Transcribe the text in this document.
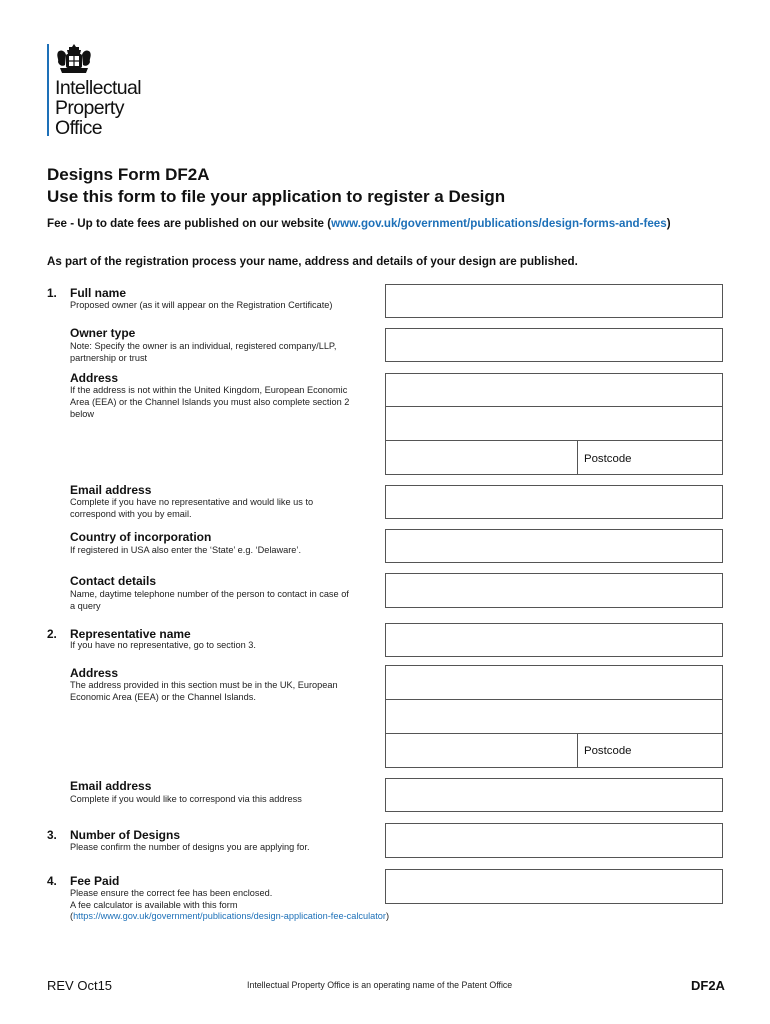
Intellectual
Property
Office
Designs Form DF2A
Use this form to file your application to register a Design
Fee - Up to date fees are published on our website (www.gov.uk/government/publications/design-forms-and-fees)
As part of the registration process your name, address and details of your design are published.
1. Full name
Proposed owner (as it will appear on the Registration Certificate)
Owner type
Note: Specify the owner is an individual, registered company/LLP, partnership or trust
Address
If the address is not within the United Kingdom, European Economic Area (EEA) or the Channel Islands you must also complete section 2 below
Postcode
Email address
Complete if you have no representative and would like us to correspond with you by email.
Country of incorporation
If registered in USA also enter the ‘State’ e.g. ‘Delaware’.
Contact details
Name, daytime telephone number of the person to contact in case of a query
2. Representative name
If you have no representative, go to section 3.
Address
The address provided in this section must be in the UK, European Economic Area (EEA) or the Channel Islands.
Postcode
Email address
Complete if you would like to correspond via this address
3. Number of Designs
Please confirm the number of designs you are applying for.
4. Fee Paid
Please ensure the correct fee has been enclosed.
A fee calculator is available with this form
(https://www.gov.uk/government/publications/design-application-fee-calculator)
REV Oct15	Intellectual Property Office is an operating name of the Patent Office	DF2A
